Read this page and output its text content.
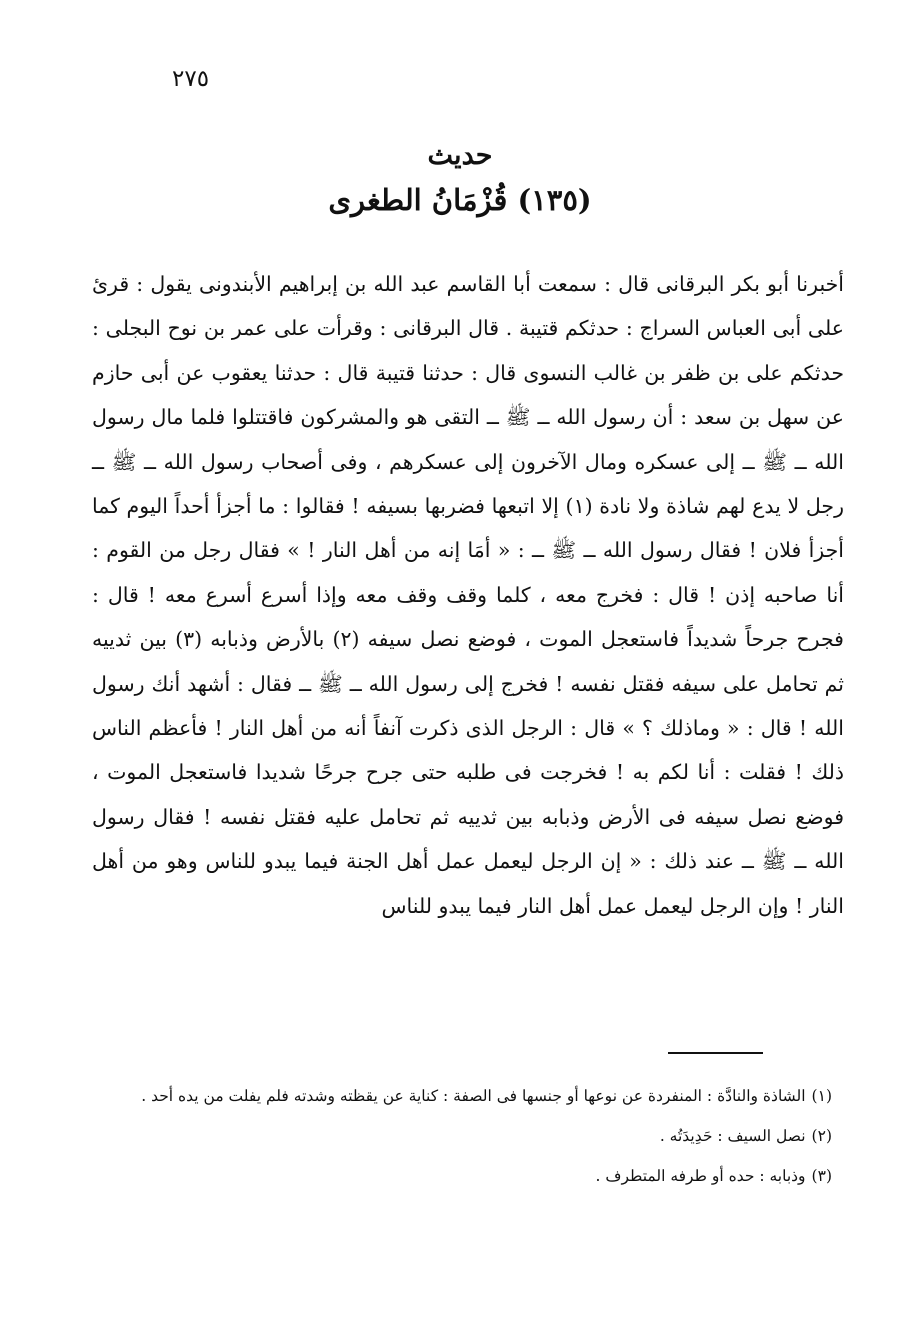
٢٧٥
حديث
(١٣٥) قُزْمَانُ الطغرى
أخبرنا أبو بكر البرقانى قال : سمعت أبا القاسم عبد الله بن إبراهيم الأبندونى يقول : قرئ على أبى العباس السراج : حدثكم قتيبة . قال البرقانى : وقرأت على عمر بن نوح البجلى : حدثكم على بن ظفر بن غالب النسوى قال : حدثنا قتيبة قال : حدثنا يعقوب عن أبى حازم عن سهل بن سعد : أن رسول الله ــ ﷺ ــ التقى هو والمشركون فاقتتلوا فلما مال رسول الله ــ ﷺ ــ إلى عسكره ومال الآخرون إلى عسكرهم ، وفى أصحاب رسول الله ــ ﷺ ــ رجل لا يدع لهم شاذة ولا نادة (١) إلا اتبعها فضربها بسيفه ! فقالوا : ما أجزأ أحداً اليوم كما أجزأ فلان ! فقال رسول الله ــ ﷺ ــ : « أمَا إنه من أهل النار ! » فقال رجل من القوم : أنا صاحبه إذن ! قال : فخرج معه ، كلما وقف وقف معه وإذا أسرع أسرع معه ! قال : فجرح جرحاً شديداً فاستعجل الموت ، فوضع نصل سيفه (٢) بالأرض وذبابه (٣) بين ثدييه ثم تحامل على سيفه فقتل نفسه ! فخرج إلى رسول الله ــ ﷺ ــ فقال : أشهد أنك رسول الله ! قال : « وماذلك ؟ » قال : الرجل الذى ذكرت آنفاً أنه من أهل النار ! فأعظم الناس ذلك ! فقلت : أنا لكم به ! فخرجت فى طلبه حتى جرح جرحًا شديدا فاستعجل الموت ، فوضع نصل سيفه فى الأرض وذبابه بين ثدييه ثم تحامل عليه فقتل نفسه ! فقال رسول الله ــ ﷺ ــ عند ذلك : « إن الرجل ليعمل عمل أهل الجنة فيما يبدو للناس وهو من أهل النار ! وإن الرجل ليعمل عمل أهل النار فيما يبدو للناس

(١)الشاذة والنادَّة : المنفردة عن نوعها أو جنسها فى الصفة : كناية عن يقظته وشدته فلم يفلت من يده أحد .

(٢)نصل السيف : حَدِيدَتُه .

(٣)وذبابه : حده أو طرفه المتطرف .
